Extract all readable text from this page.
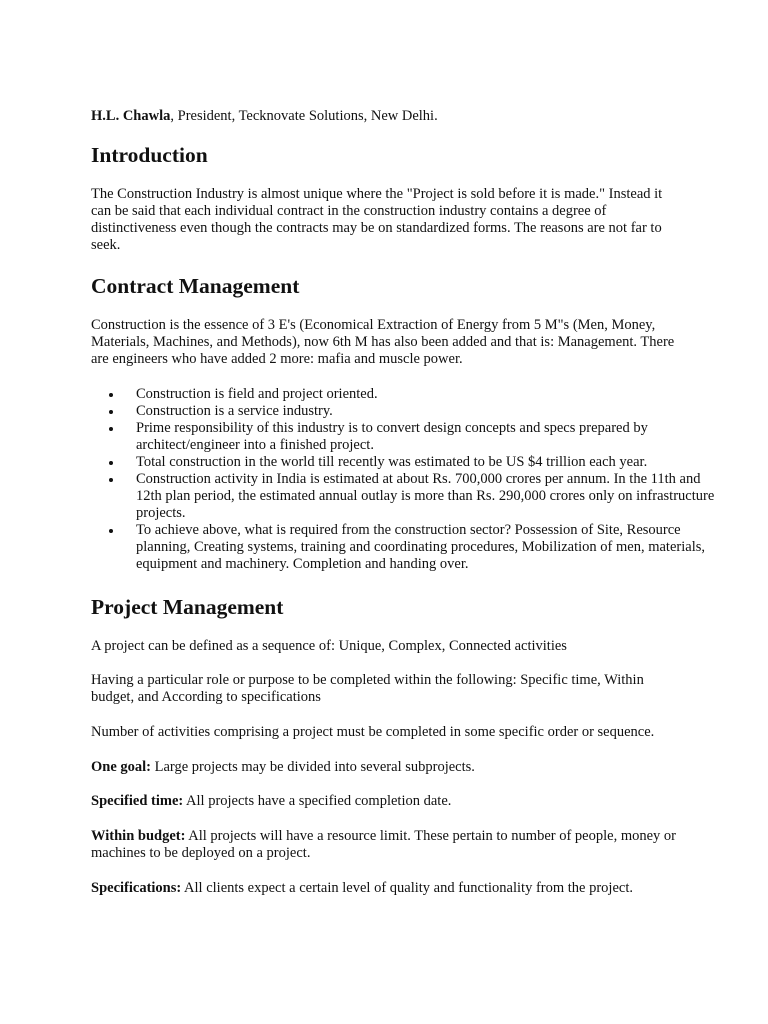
H.L. Chawla, President, Tecknovate Solutions, New Delhi.
Introduction

The Construction Industry is almost unique where the "Project is sold before it is made." Instead it can be said that each individual contract in the construction industry contains a degree of distinctiveness even though the contracts may be on standardized forms. The reasons are not far to seek.

Contract Management

Construction is the essence of 3 E's (Economical Extraction of Energy from 5 M"s (Men, Money, Materials, Machines, and Methods), now 6th M has also been added and that is: Management. There are engineers who have added 2 more: mafia and muscle power.

Construction is field and project oriented.
Construction is a service industry.
Prime responsibility of this industry is to convert design concepts and specs prepared by architect/engineer into a finished project.
Total construction in the world till recently was estimated to be US $4 trillion each year.
Construction activity in India is estimated at about Rs. 700,000 crores per annum. In the 11th and 12th plan period, the estimated annual outlay is more than Rs. 290,000 crores only on infrastructure projects.
To achieve above, what is required from the construction sector? Possession of Site, Resource planning, Creating systems, training and coordinating procedures, Mobilization of men, materials, equipment and machinery. Completion and handing over.
Project Management

A project can be defined as a sequence of: Unique, Complex, Connected activities

Having a particular role or purpose to be completed within the following: Specific time, Within budget, and According to specifications

Number of activities comprising a project must be completed in some specific order or sequence.

One goal: Large projects may be divided into several subprojects.

Specified time: All projects have a specified completion date.

Within budget: All projects will have a resource limit. These pertain to number of people, money or machines to be deployed on a project.

Specifications: All clients expect a certain level of quality and functionality from the project.
